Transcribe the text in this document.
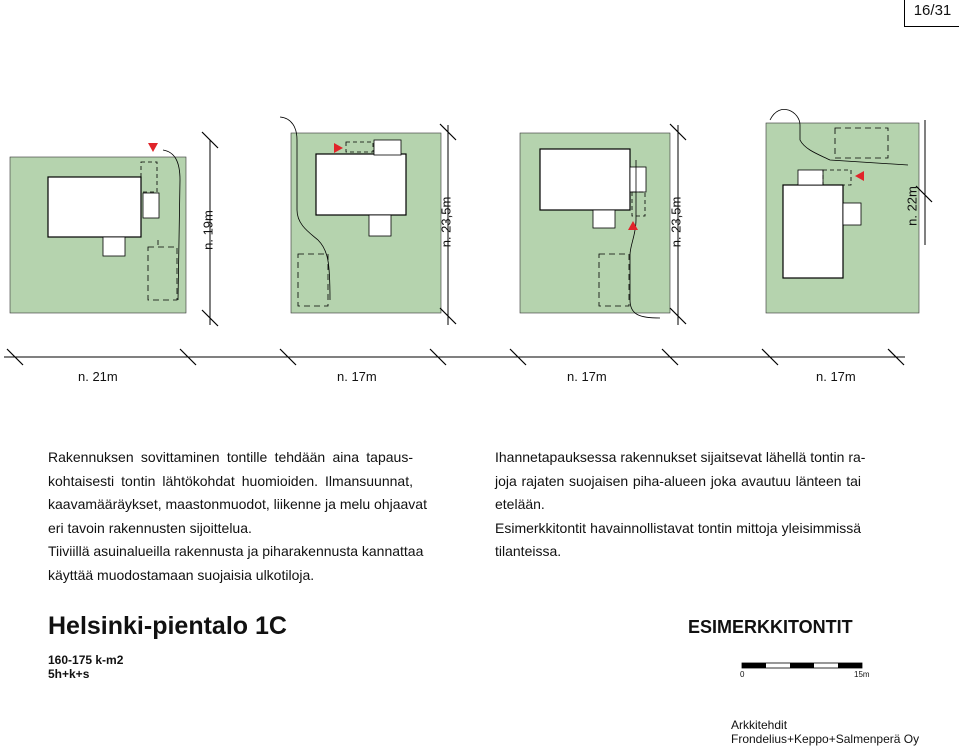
16/31
n. 21m	n. 17m	n. 17m	n. 17m
n. 19m	n. 23,5m	n. 23,5m	n. 22m
Rakennuksen sovittaminen tontille tehdään aina tapaus-
kohtaisesti tontin lähtökohdat huomioiden. Ilmansuunnat,
kaavamääräykset, maastonmuodot, liikenne ja melu ohjaavat
eri tavoin rakennusten sijoittelua.
Tiiviillä asuinalueilla rakennusta ja piharakennusta kannattaa
käyttää muodostamaan suojaisia ulkotiloja.
Ihannetapauksessa rakennukset sijaitsevat lähellä tontin ra-
joja rajaten suojaisen piha-alueen joka avautuu länteen tai
etelään.
Esimerkkitontit havainnollistavat tontin mittoja yleisimmissä
tilanteissa.
Helsinki-pientalo 1C
160-175 k-m2
5h+k+s
ESIMERKKITONTIT
0	15m
Arkkitehdit Frondelius+Keppo+Salmenperä Oy
